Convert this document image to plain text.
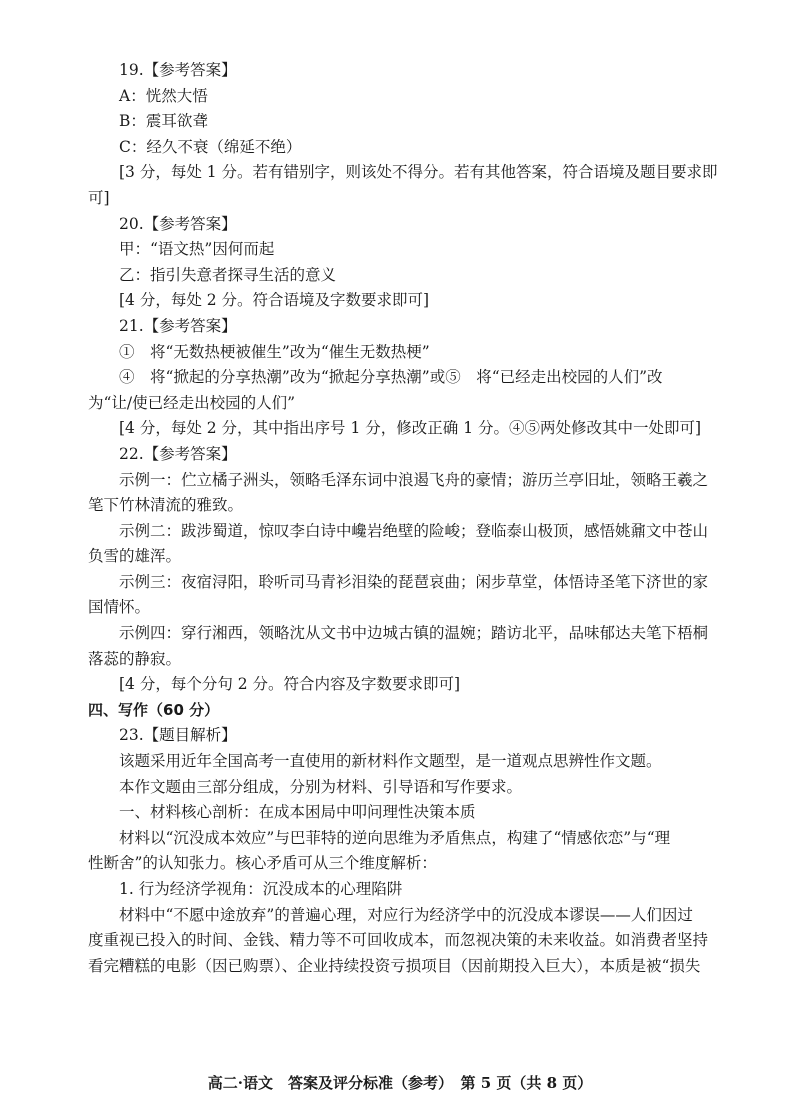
19.【参考答案】
A：恍然大悟
B：震耳欲聋
C：经久不衰（绵延不绝）
[3 分，每处 1 分。若有错别字，则该处不得分。若有其他答案，符合语境及题目要求即
可]
20.【参考答案】
甲：“语文热”因何而起
乙：指引失意者探寻生活的意义
[4 分，每处 2 分。符合语境及字数要求即可]
21.【参考答案】
①　将“无数热梗被催生”改为“催生无数热梗”
④　将“掀起的分享热潮”改为“掀起分享热潮”或⑤　将“已经走出校园的人们”改
为“让/使已经走出校园的人们”
[4 分，每处 2 分，其中指出序号 1 分，修改正确 1 分。④⑤两处修改其中一处即可]
22.【参考答案】
示例一：伫立橘子洲头，领略毛泽东词中浪遏飞舟的豪情；游历兰亭旧址，领略王羲之
笔下竹林清流的雅致。
示例二：跋涉蜀道，惊叹李白诗中巉岩绝壁的险峻；登临泰山极顶，感悟姚鼐文中苍山
负雪的雄浑。
示例三：夜宿浔阳，聆听司马青衫泪染的琵琶哀曲；闲步草堂，体悟诗圣笔下济世的家
国情怀。
示例四：穿行湘西，领略沈从文书中边城古镇的温婉；踏访北平，品味郁达夫笔下梧桐
落蕊的静寂。
[4 分，每个分句 2 分。符合内容及字数要求即可]
四、写作（60 分）
23.【题目解析】
该题采用近年全国高考一直使用的新材料作文题型，是一道观点思辨性作文题。
本作文题由三部分组成，分别为材料、引导语和写作要求。
一、材料核心剖析：在成本困局中叩问理性决策本质
材料以“沉没成本效应”与巴菲特的逆向思维为矛盾焦点，构建了“情感依恋”与“理
性断舍”的认知张力。核心矛盾可从三个维度解析：
1. 行为经济学视角：沉没成本的心理陷阱
材料中“不愿中途放弃”的普遍心理，对应行为经济学中的沉没成本谬误——人们因过
度重视已投入的时间、金钱、精力等不可回收成本，而忽视决策的未来收益。如消费者坚持
看完糟糕的电影（因已购票）、企业持续投资亏损项目（因前期投入巨大），本质是被“损失
高二·语文　答案及评分标准（参考）　第 5 页（共 8 页）
